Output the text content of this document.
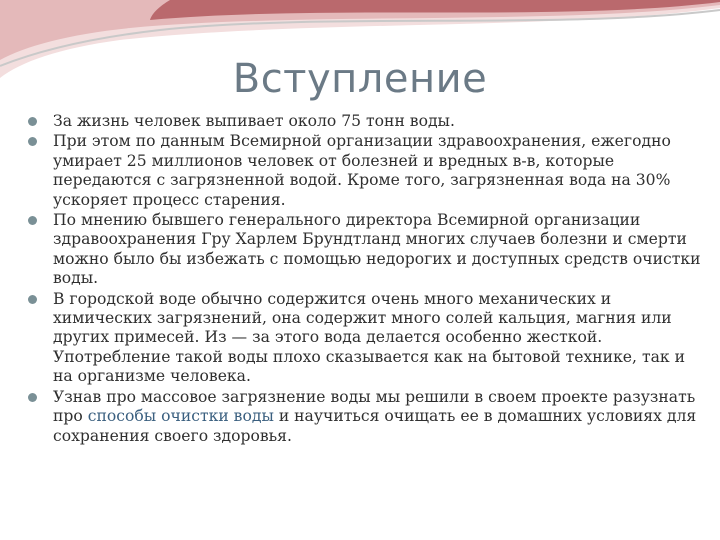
Вступление
За жизнь человек выпивает около 75 тонн воды.
При этом по данным Всемирной организации здравоохранения, ежегодно умирает 25 миллионов человек от болезней и вредных в-в, которые передаются с загрязненной водой. Кроме того, загрязненная вода на 30% ускоряет процесс старения.
По мнению бывшего генерального директора Всемирной организации здравоохранения Гру Харлем Брундтланд многих случаев болезни и смерти можно было бы избежать с помощью недорогих и доступных средств очистки воды.
В городской воде обычно содержится очень много механических и химических загрязнений, она содержит много солей кальция, магния или других примесей. Из — за этого вода делается особенно жесткой. Употребление такой воды плохо сказывается как на бытовой технике, так и на организме человека.
Узнав про массовое загрязнение воды мы решили в своем проекте разузнать про способы очистки воды и научиться очищать ее в домашних условиях для сохранения своего здоровья.
